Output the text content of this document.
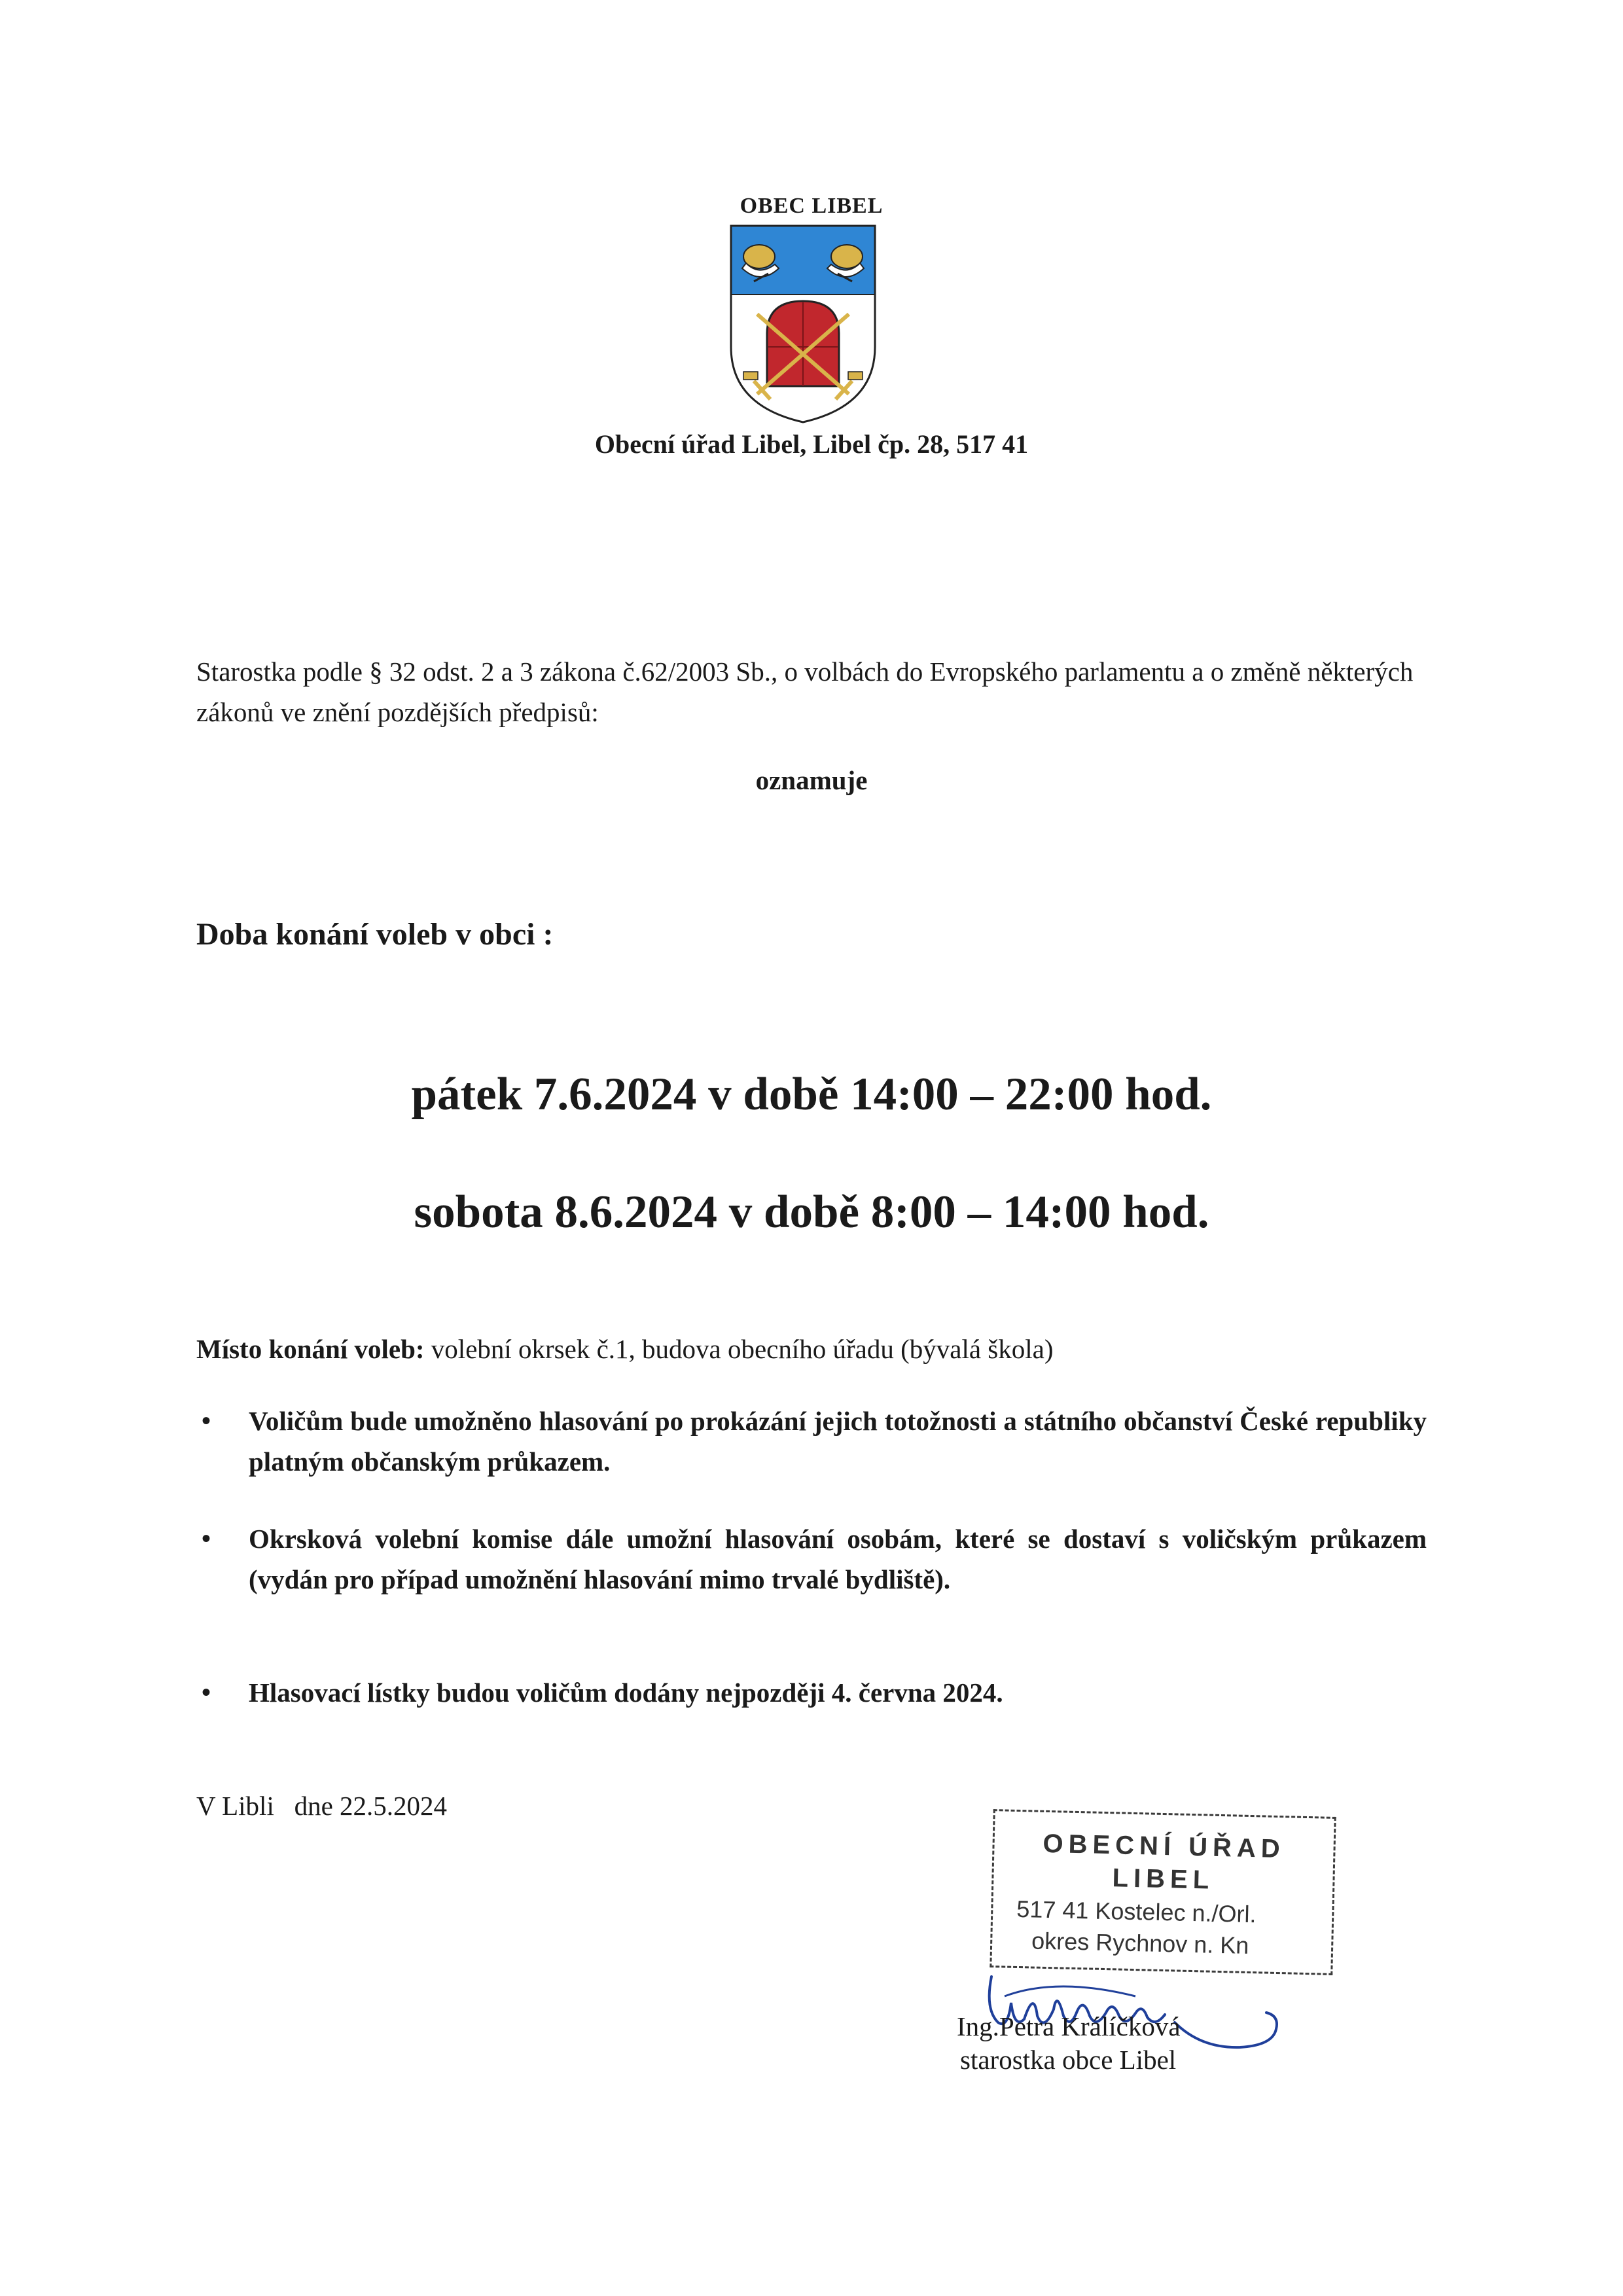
OBEC LIBEL
Obecní úřad Libel, Libel čp. 28, 517 41
Starostka podle § 32 odst. 2 a 3 zákona č.62/2003 Sb., o volbách do Evropského parlamentu a o změně některých zákonů ve znění pozdějších předpisů:
oznamuje
Doba konání voleb v obci :
pátek 7.6.2024 v době 14:00 – 22:00 hod.
sobota 8.6.2024 v době 8:00 – 14:00 hod.
Místo konání voleb: volební okrsek č.1, budova obecního úřadu (bývalá škola)
• Voličům bude umožněno hlasování po prokázání jejich totožnosti a státního občanství České republiky platným občanským průkazem.
• Okrsková volební komise dále umožní hlasování osobám, které se dostaví s voličským průkazem (vydán pro případ umožnění hlasování mimo trvalé bydliště).
• Hlasovací lístky budou voličům dodány nejpozději 4. června 2024.
V Libli   dne 22.5.2024
OBECNÍ ÚŘAD
LIBEL
517 41 Kostelec n./Orl.
okres Rychnov n. Kn
Ing.Petra Králíčková
starostka obce Libel
